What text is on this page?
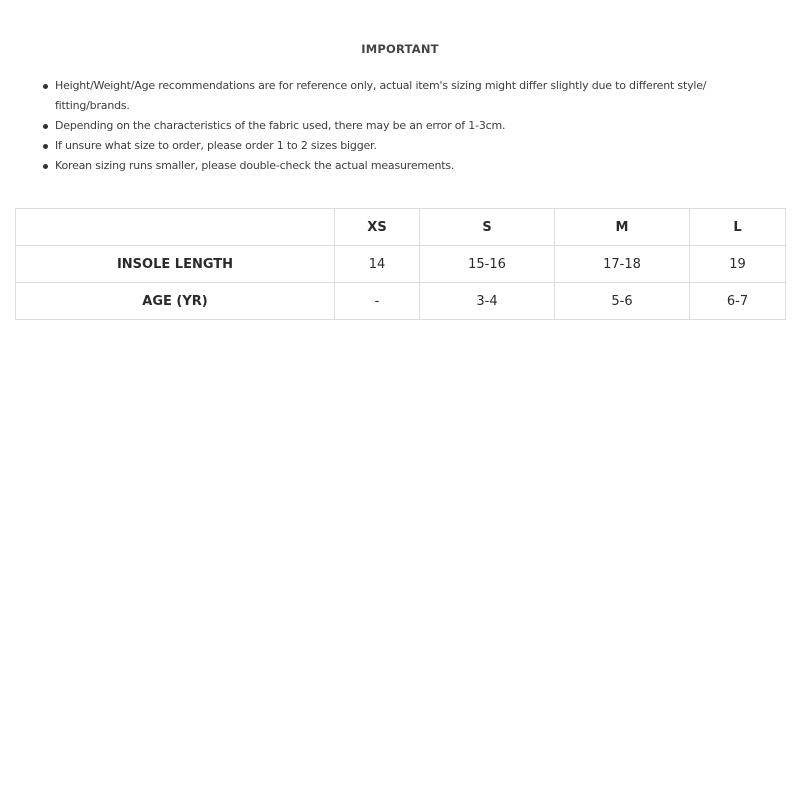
IMPORTANT
Height/Weight/Age recommendations are for reference only, actual item's sizing might differ slightly due to different style/ fitting/brands.
Depending on the characteristics of the fabric used, there may be an error of 1-3cm.
If unsure what size to order, please order 1 to 2 sizes bigger.
Korean sizing runs smaller, please double-check the actual measurements.
	XS	S	M	L
INSOLE LENGTH	14	15-16	17-18	19
AGE (YR)	-	3-4	5-6	6-7
